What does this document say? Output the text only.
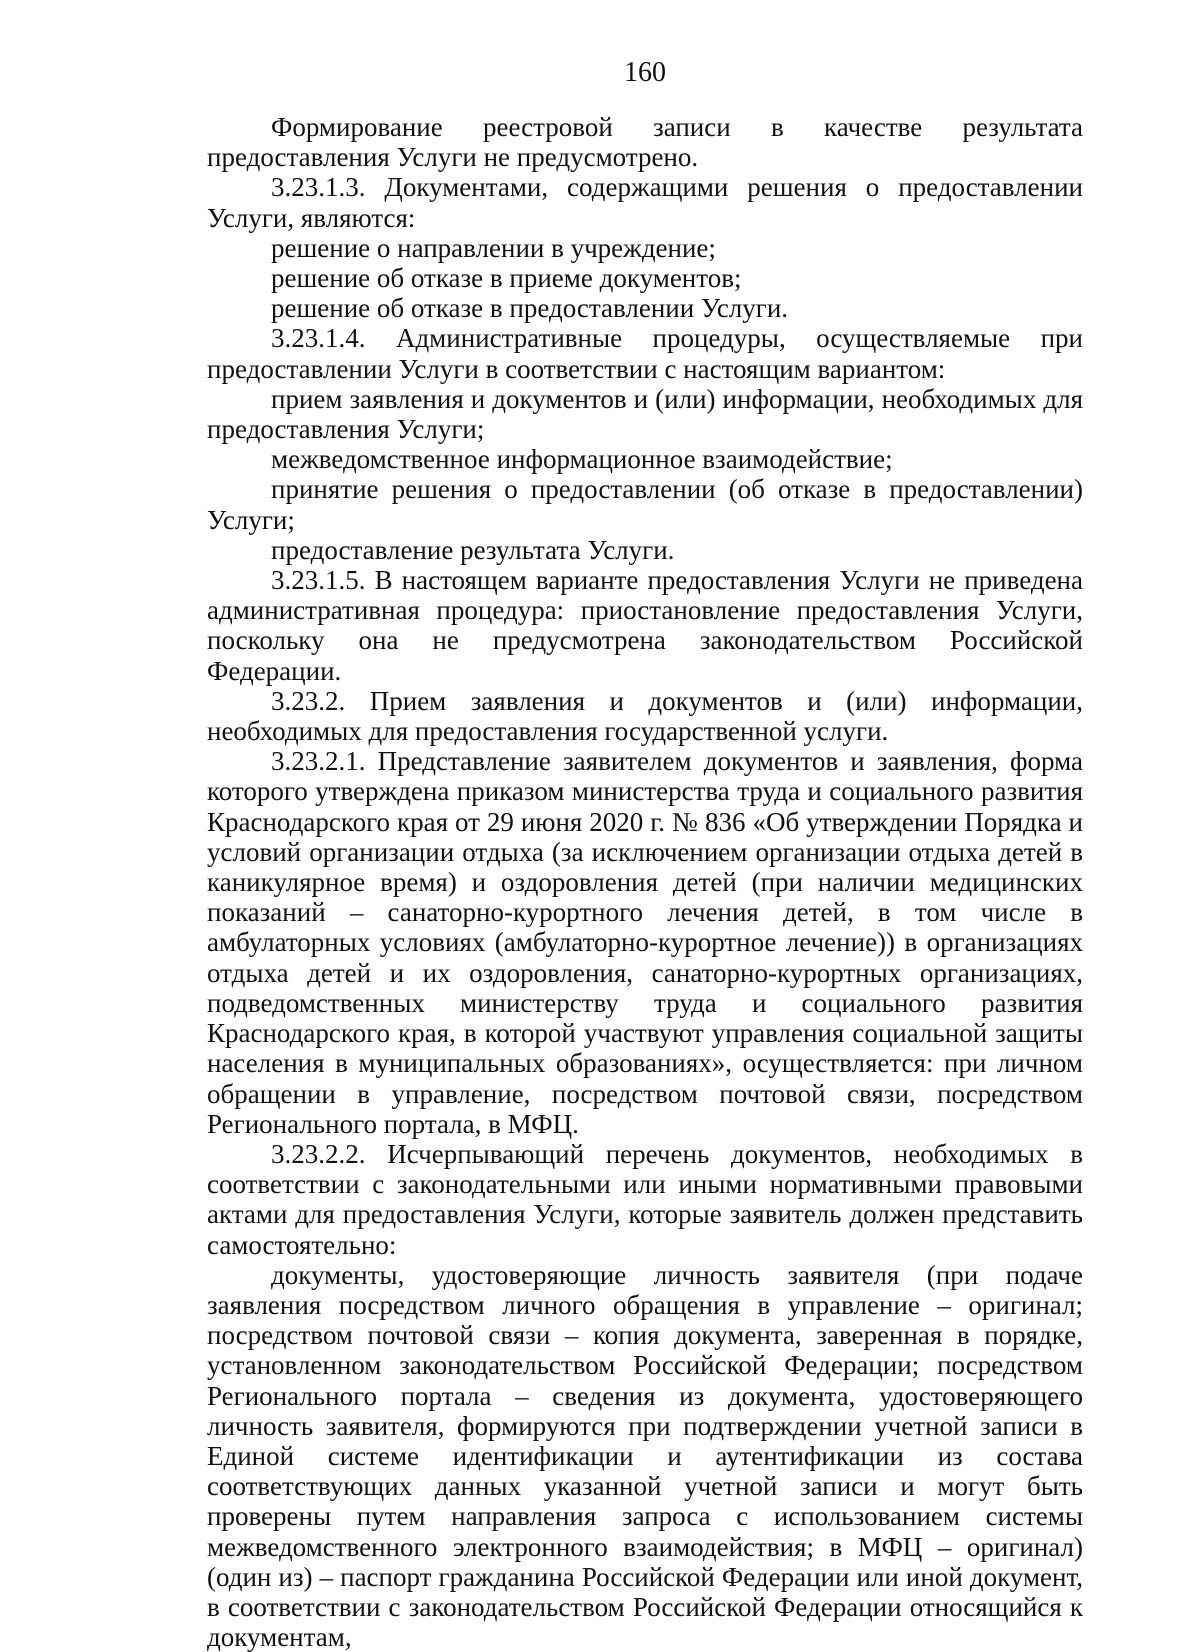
160

Формирование реестровой записи в качестве результата предоставления Услуги не предусмотрено.

3.23.1.3. Документами, содержащими решения о предоставлении Услуги, являются:

решение о направлении в учреждение;

решение об отказе в приеме документов;

решение об отказе в предоставлении Услуги.

3.23.1.4. Административные процедуры, осуществляемые при предоставлении Услуги в соответствии с настоящим вариантом:

прием заявления и документов и (или) информации, необходимых для предоставления Услуги;

межведомственное информационное взаимодействие;

принятие решения о предоставлении (об отказе в предоставлении) Услуги;

предоставление результата Услуги.

3.23.1.5. В настоящем варианте предоставления Услуги не приведена административная процедура: приостановление предоставления Услуги, поскольку она не предусмотрена законодательством Российской Федерации.

3.23.2. Прием заявления и документов и (или) информации, необходимых для предоставления государственной услуги.

3.23.2.1. Представление заявителем документов и заявления, форма которого утверждена приказом министерства труда и социального развития Краснодарского края от 29 июня 2020 г. № 836 «Об утверждении Порядка и условий организации отдыха (за исключением организации отдыха детей в каникулярное время) и оздоровления детей (при наличии медицинских показаний – санаторно-курортного лечения детей, в том числе в амбулаторных условиях (амбулаторно-курортное лечение)) в организациях отдыха детей и их оздоровления, санаторно-курортных организациях, подведомственных министерству труда и социального развития Краснодарского края, в которой участвуют управления социальной защиты населения в муниципальных образованиях», осуществляется: при личном обращении в управление, посредством почтовой связи, посредством Регионального портала, в МФЦ.

3.23.2.2. Исчерпывающий перечень документов, необходимых в соответствии с законодательными или иными нормативными правовыми актами для предоставления Услуги, которые заявитель должен представить самостоятельно:

документы, удостоверяющие личность заявителя (при подаче заявления посредством личного обращения в управление – оригинал; посредством почтовой связи – копия документа, заверенная в порядке, установленном законодательством Российской Федерации; посредством Регионального портала – сведения из документа, удостоверяющего личность заявителя, формируются при подтверждении учетной записи в Единой системе идентификации и аутентификации из состава соответствующих данных указанной учетной записи и могут быть проверены путем направления запроса с использованием системы межведомственного электронного взаимодействия; в МФЦ – оригинал) (один из) – паспорт гражданина Российской Федерации или иной документ, в соответствии с законодательством Российской Федерации относящийся к документам,
